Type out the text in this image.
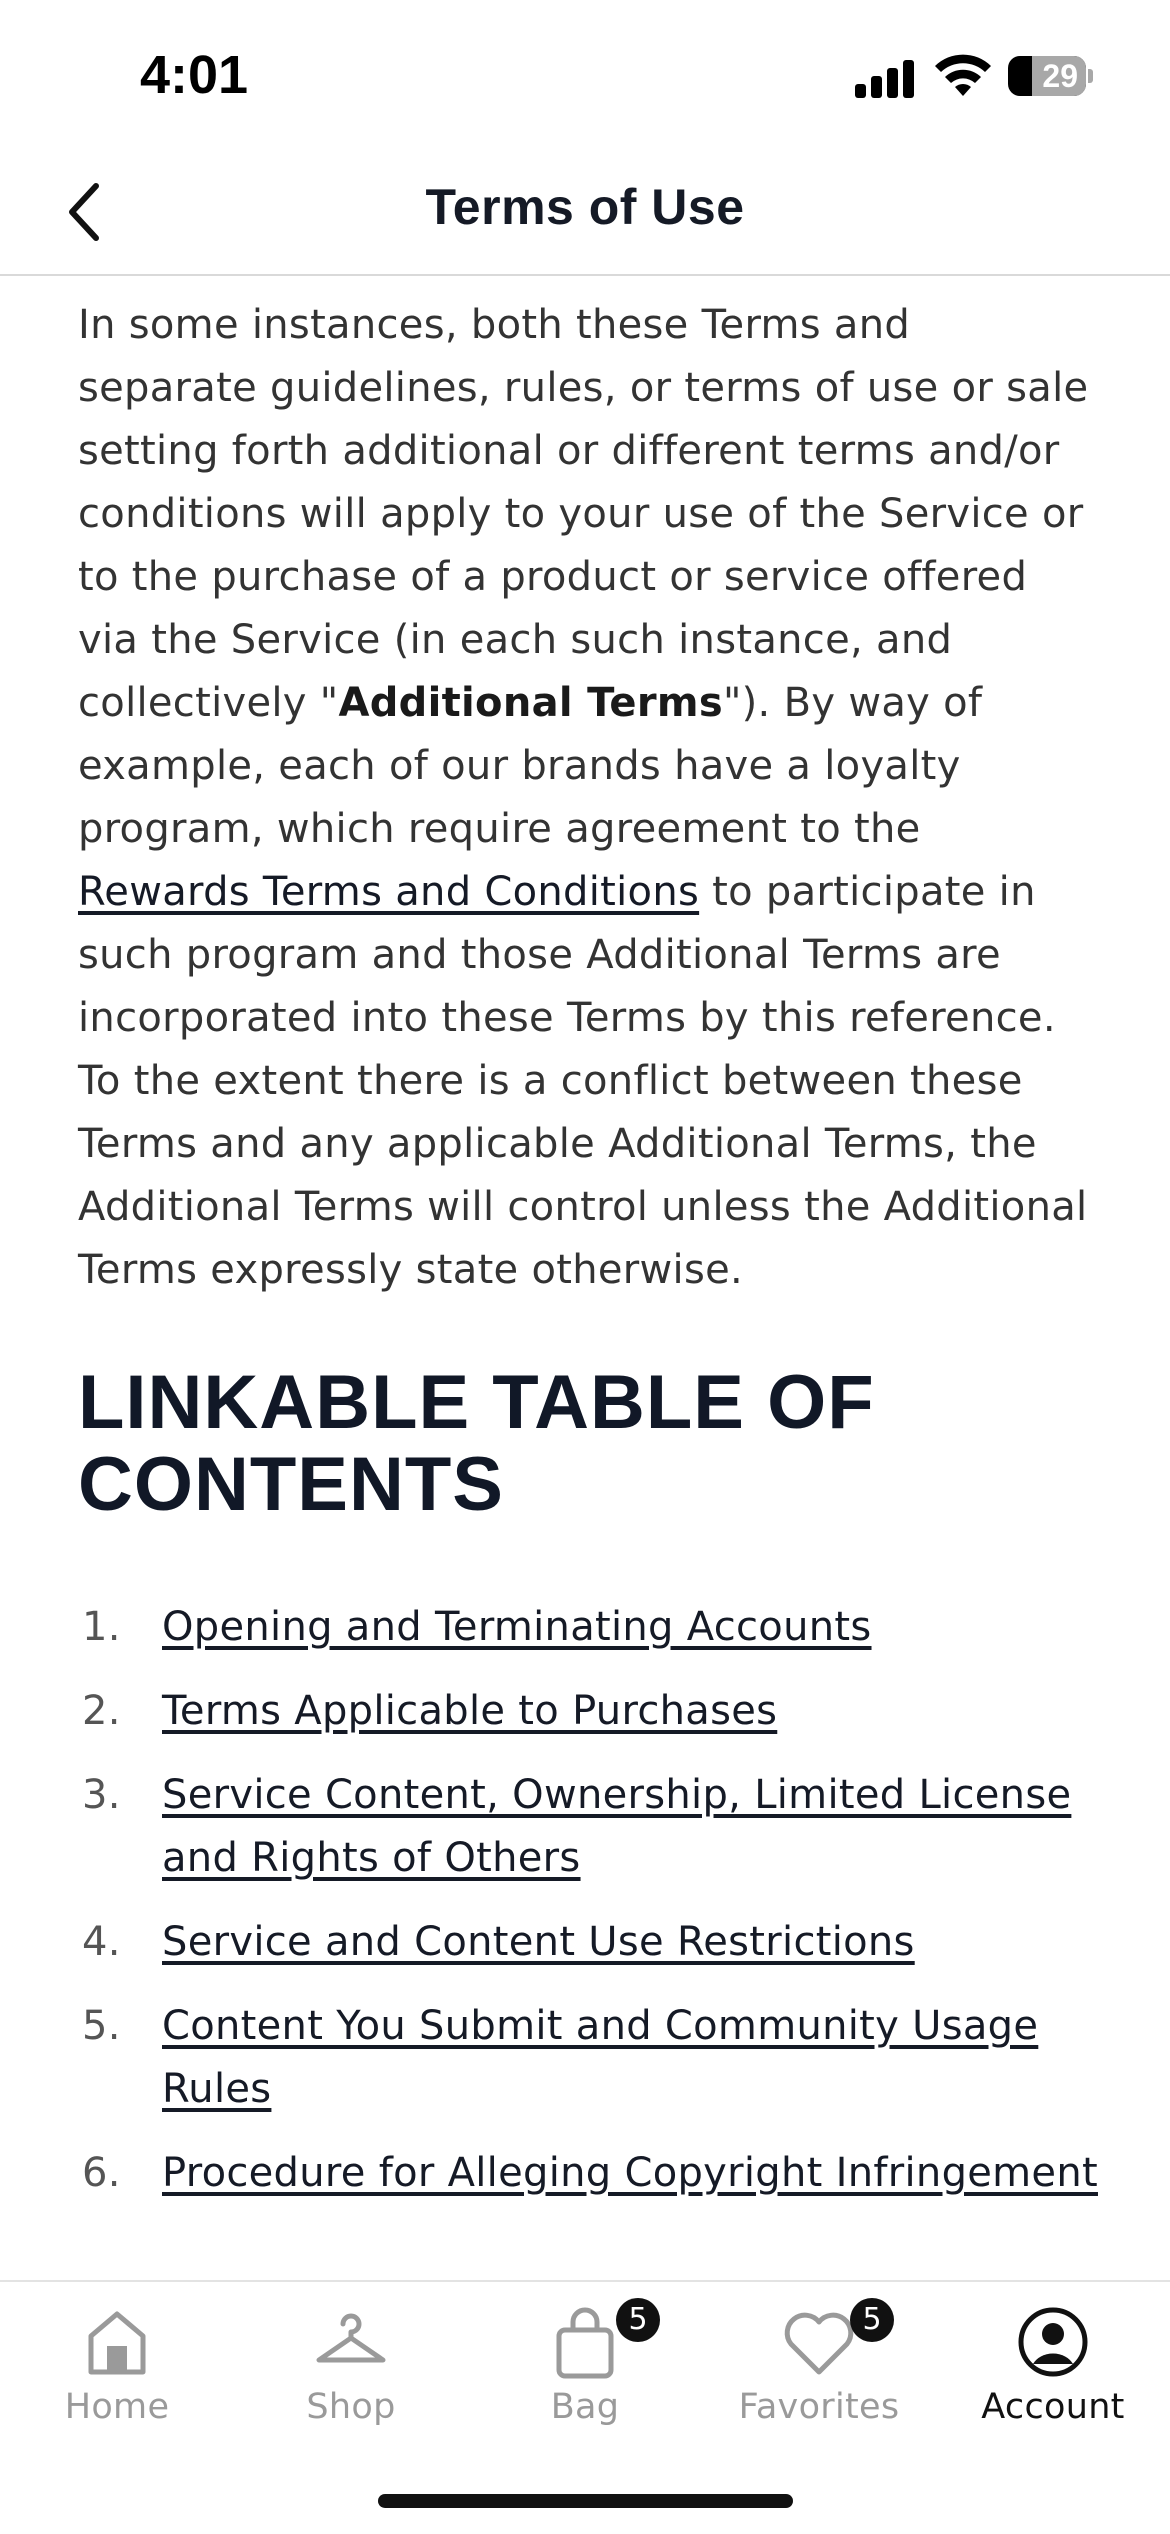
4:01	29
Terms of Use

In some instances, both these Terms and separate guidelines, rules, or terms of use or sale setting forth additional or different terms and/or conditions will apply to your use of the Service or to the purchase of a product or service offered via the Service (in each such instance, and collectively "Additional Terms"). By way of example, each of our brands have a loyalty program, which require agreement to the Rewards Terms and Conditions to participate in such program and those Additional Terms are incorporated into these Terms by this reference. To the extent there is a conflict between these Terms and any applicable Additional Terms, the Additional Terms will control unless the Additional Terms expressly state otherwise.

LINKABLE TABLE OF CONTENTS
1. Opening and Terminating Accounts
2. Terms Applicable to Purchases
3. Service Content, Ownership, Limited License and Rights of Others
4. Service and Content Use Restrictions
5. Content You Submit and Community Usage Rules
6. Procedure for Alleging Copyright Infringement
Home	Shop
5
Bag
5
Favorites	Account
